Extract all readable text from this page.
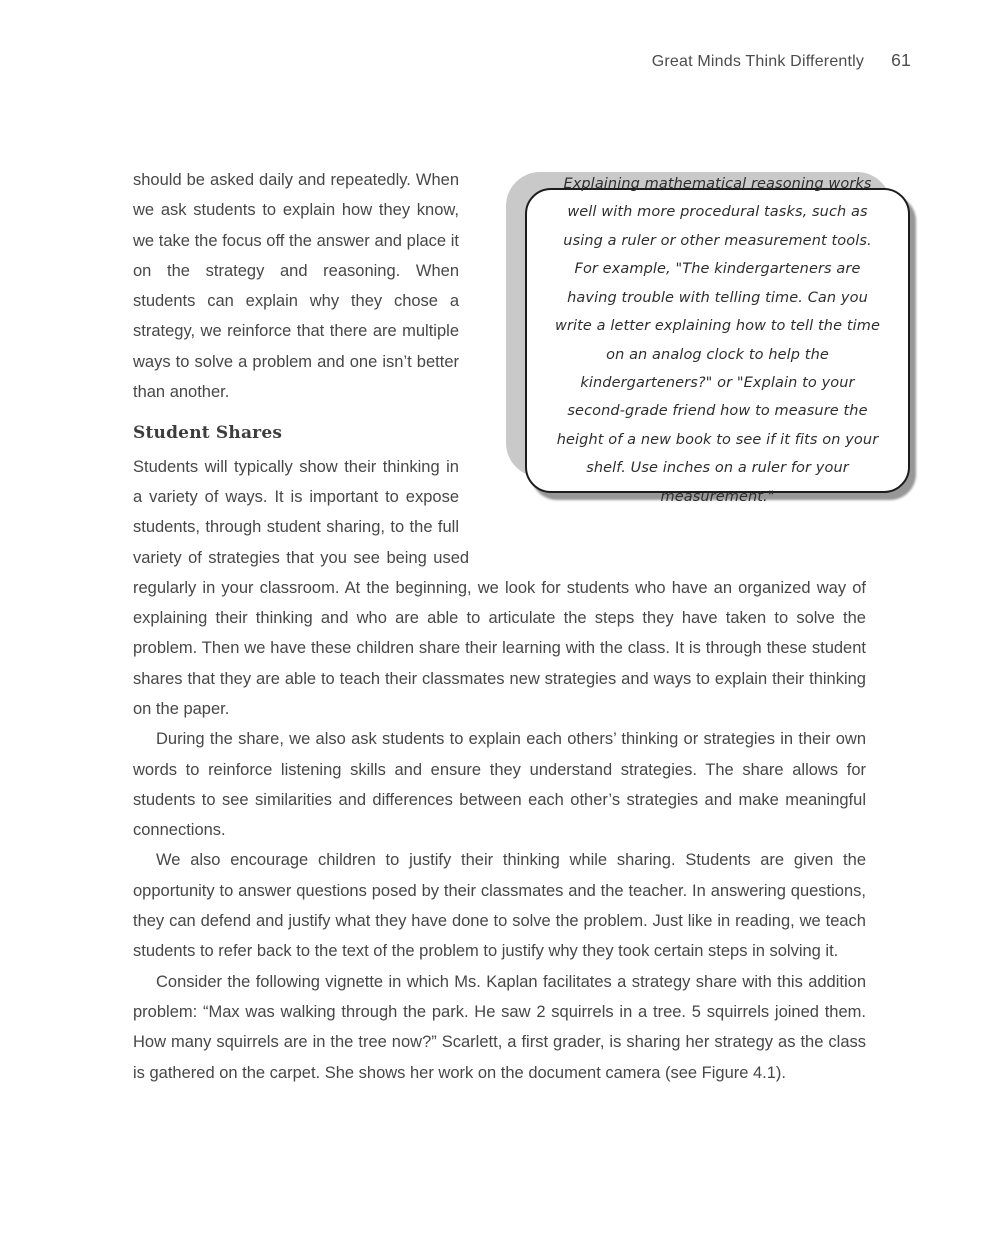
Great Minds Think Differently 61
Explaining mathematical reasoning works well with more procedural tasks, such as using a ruler or other measurement tools. For example, "The kindergarteners are having trouble with telling time. Can you write a letter explaining how to tell the time on an analog clock to help the kindergarteners?" or "Explain to your second-grade friend how to measure the height of a new book to see if it fits on your shelf. Use inches on a ruler for your measurement."

should be asked daily and repeatedly. When we ask students to explain how they know, we take the focus off the answer and place it on the strategy and reasoning. When students can explain why they chose a strategy, we reinforce that there are multiple ways to solve a problem and one isn’t better than another.

Student Shares

Students will typically show their thinking in a variety of ways. It is important to expose students, through student sharing, to the full variety of strategies that you see being used regularly in your classroom. At the beginning, we look for students who have an organized way of explaining their thinking and who are able to articulate the steps they have taken to solve the problem. Then we have these children share their learning with the class. It is through these student shares that they are able to teach their classmates new strategies and ways to explain their thinking on the paper.

During the share, we also ask students to explain each others’ thinking or strategies in their own words to reinforce listening skills and ensure they understand strategies. The share allows for students to see similarities and differences between each other’s strategies and make meaningful connections.

We also encourage children to justify their thinking while sharing. Students are given the opportunity to answer questions posed by their classmates and the teacher. In answering questions, they can defend and justify what they have done to solve the problem. Just like in reading, we teach students to refer back to the text of the problem to justify why they took certain steps in solving it.

Consider the following vignette in which Ms. Kaplan facilitates a strategy share with this addition problem: “Max was walking through the park. He saw 2 squirrels in a tree. 5 squirrels joined them. How many squirrels are in the tree now?” Scarlett, a first grader, is sharing her strategy as the class is gathered on the carpet. She shows her work on the document camera (see Figure 4.1).
